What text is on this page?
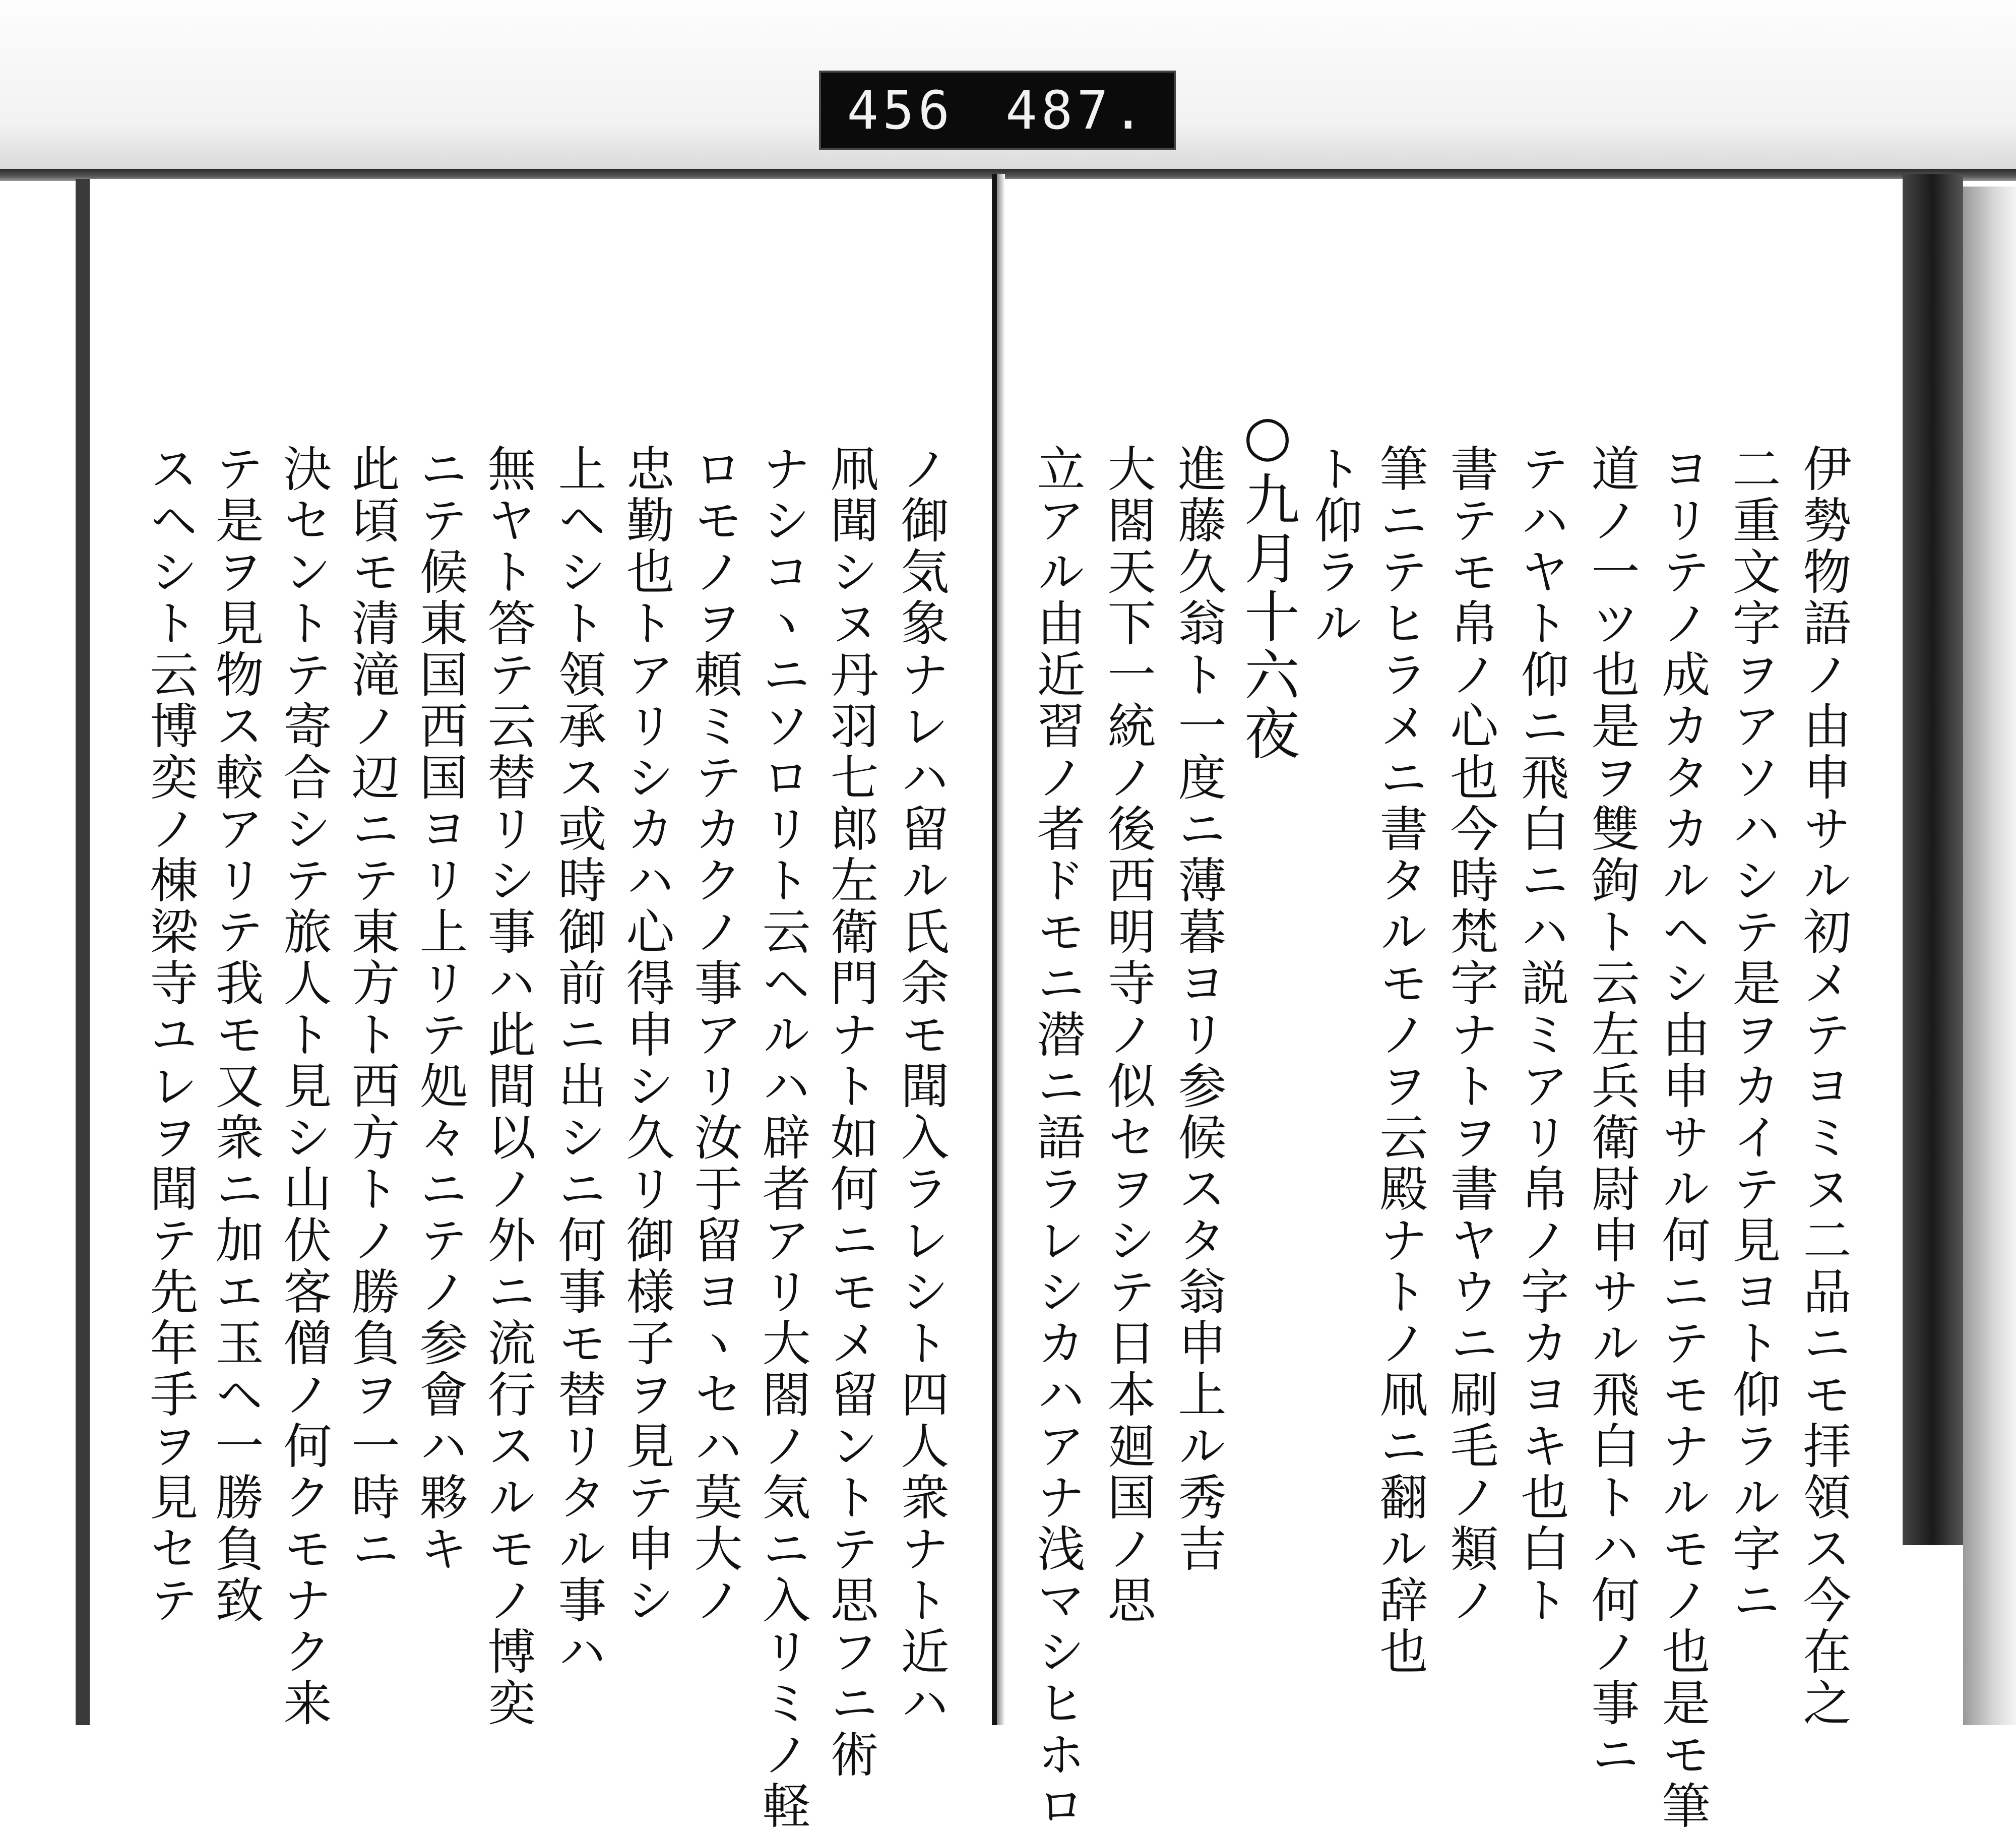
456 487.
伊勢物語ノ由申サル初メテヨミヌ二品ニモ拝領ス今在之
二重文字ヲアソハシテ是ヲカイテ見ヨト仰ラル字ニ
ヨリテノ成カタカルヘシ由申サル何ニテモナルモノ也是モ筆
道ノ一ツ也是ヲ雙鉤ト云左兵衛尉申サル飛白トハ何ノ事ニ
テハヤト仰ニ飛白ニハ説ミアリ帛ノ字カヨキ也白ト
書テモ帛ノ心也今時梵字ナトヲ書ヤウニ刷毛ノ類ノ
筆ニテヒラメニ書タルモノヲ云殿ナトノ凧ニ翻ル辞也
ト仰ラル
○九月十六夜
進藤久翁ト一度ニ薄暮ヨリ参候スタ翁申上ル秀吉
大閤天下一統ノ後西明寺ノ似セヲシテ日本廻国ノ思
立アル由近習ノ者ドモニ潜ニ語ラレシカハアナ浅マシヒホロ
ノ御気象ナレハ留ル氏余モ聞入ラレシト四人衆ナト近ハ
凧聞シヌ丹羽七郎左衛門ナト如何ニモメ留ントテ思フニ術
ナシコヽニソロリト云ヘルハ辟者アリ大閤ノ気ニ入リミノ軽
ロモノヲ頼ミテカクノ事アリ汝于留ヨヽセハ莫大ノ
忠勤也トアリシカハ心得申シ久リ御様子ヲ見テ申シ
上ヘシト領承ス或時御前ニ出シニ何事モ替リタル事ハ
無ヤト答テ云替リシ事ハ此間以ノ外ニ流行スルモノ博奕
ニテ候東国西国ヨリ上リテ処々ニテノ参會ハ夥キ
此頃モ清滝ノ辺ニテ東方ト西方トノ勝負ヲ一時ニ
決セントテ寄合シテ旅人ト見シ山伏客僧ノ何クモナク来
テ是ヲ見物ス較アリテ我モ又衆ニ加エ玉ヘ一勝負致
スヘシト云博奕ノ棟梁寺ユレヲ聞テ先年手ヲ見セテ
